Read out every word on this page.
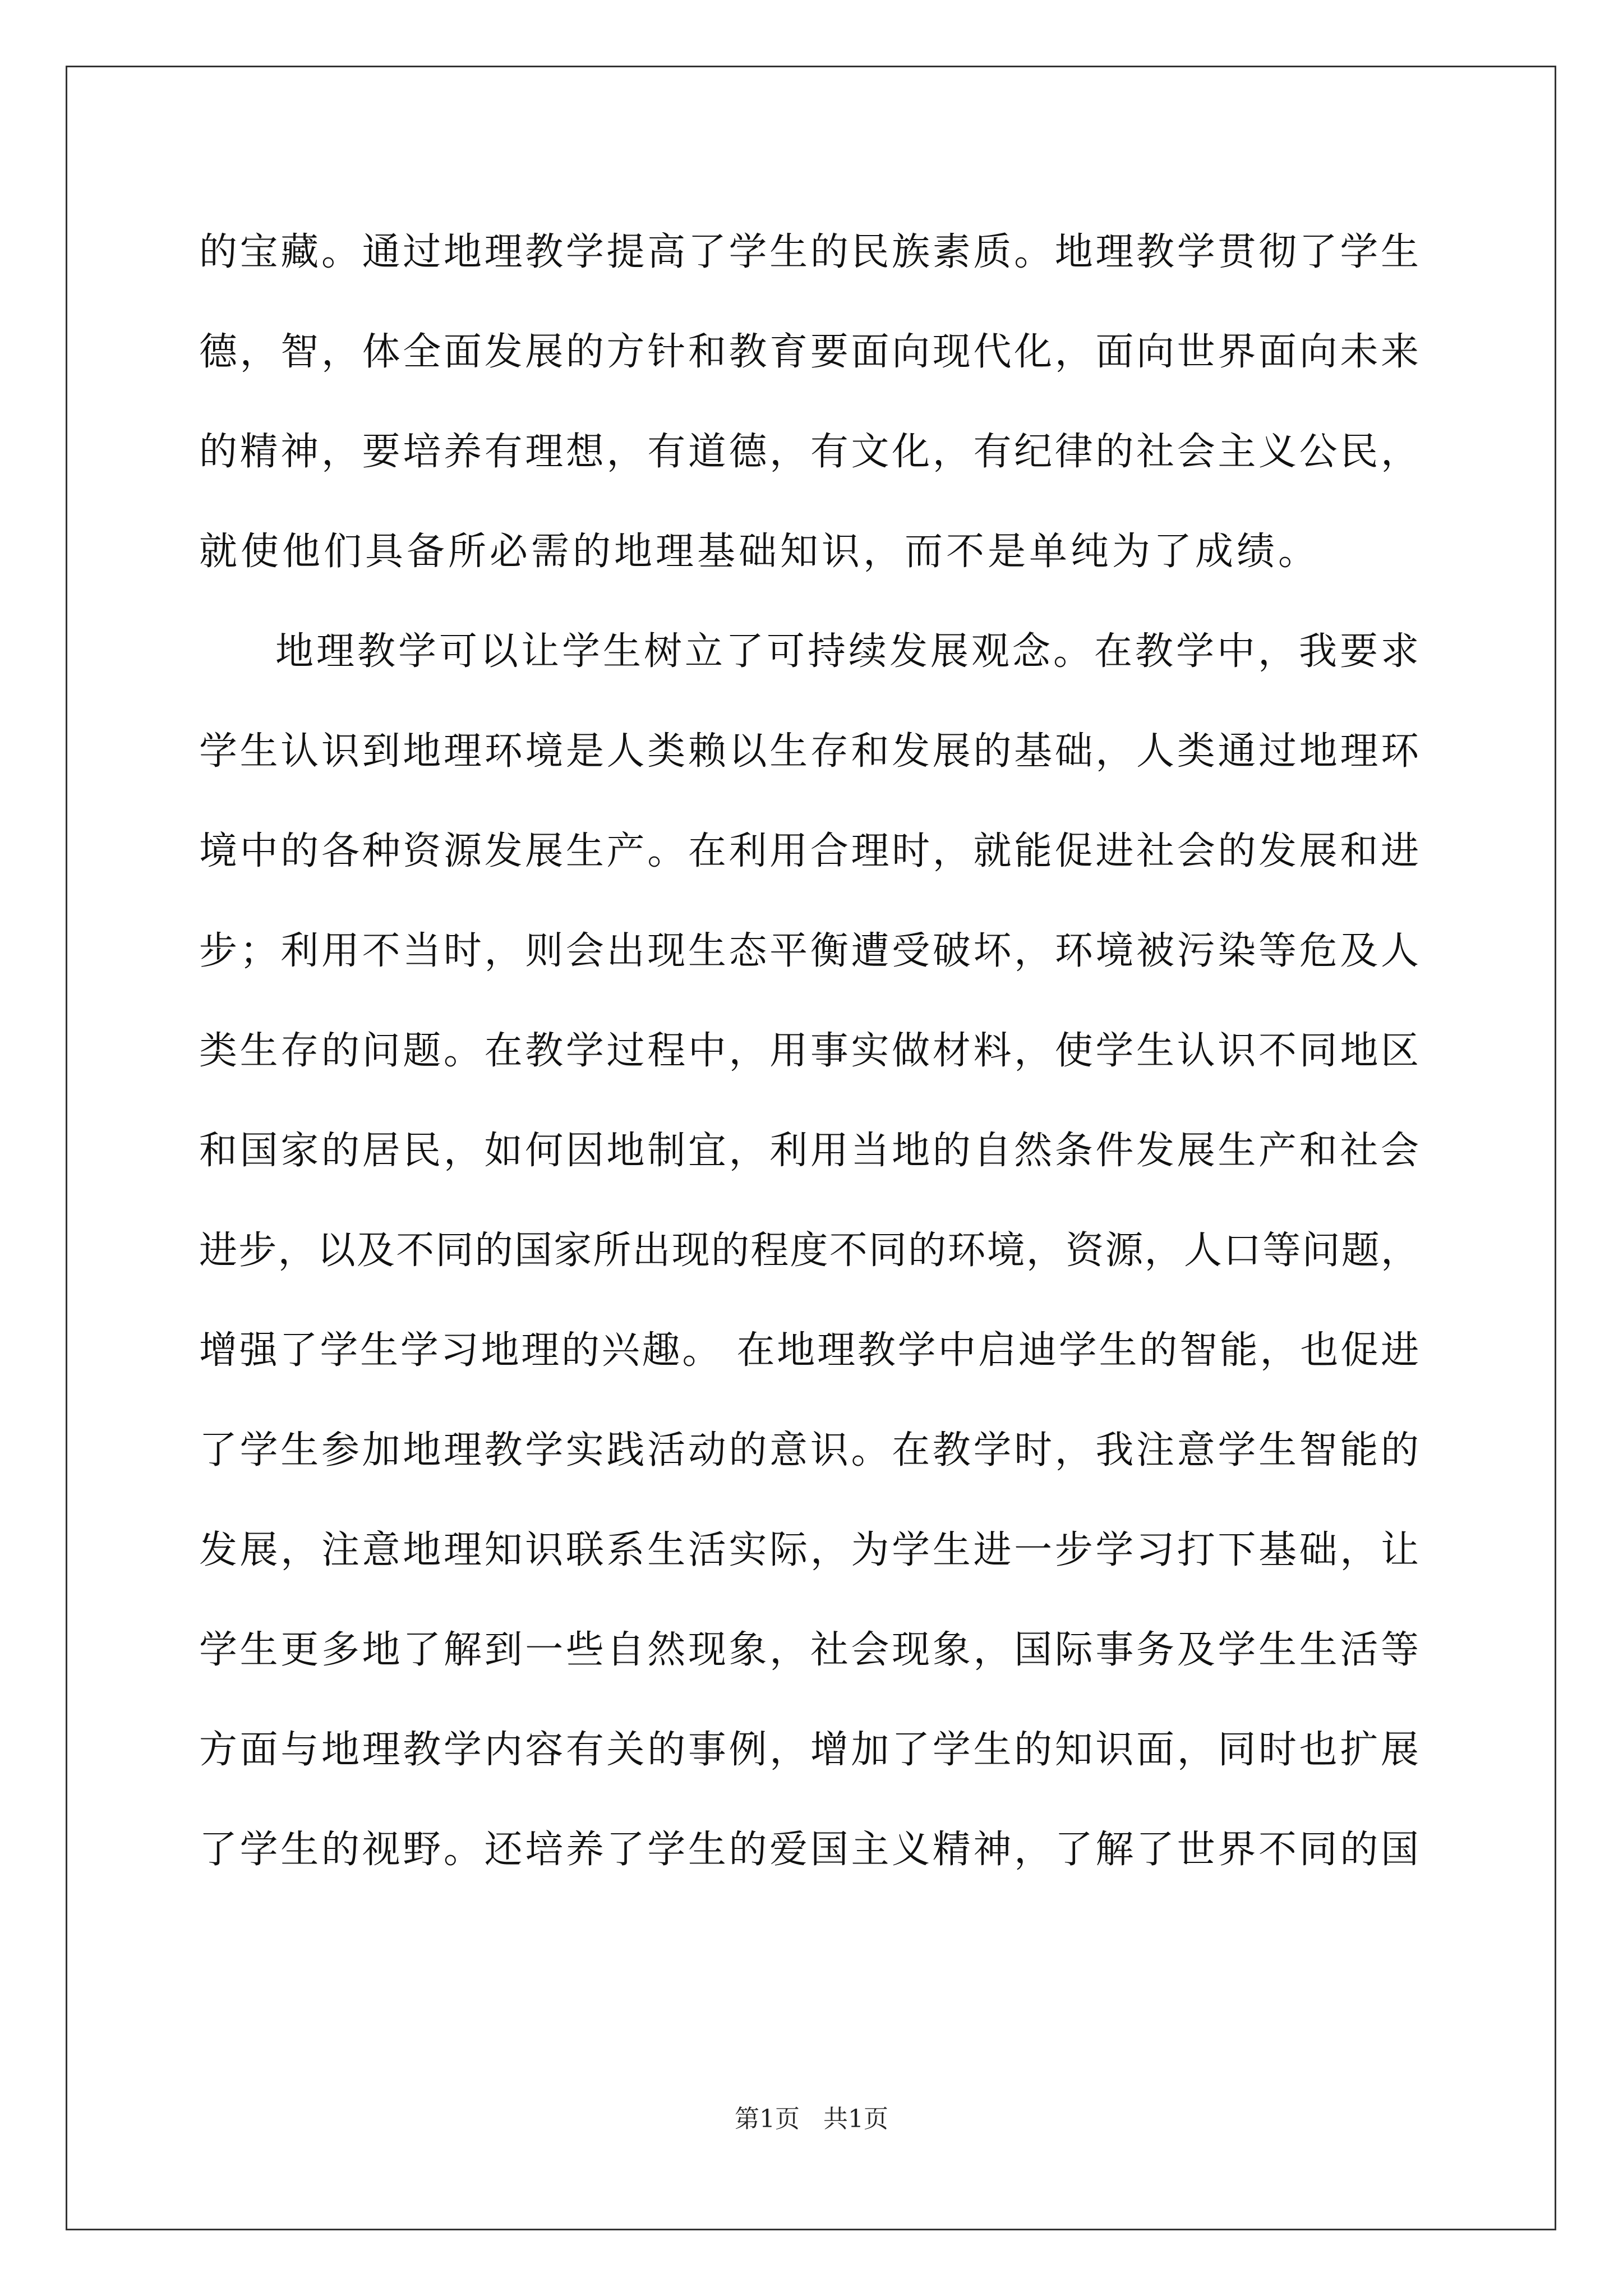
的宝藏。通过地理教学提高了学生的民族素质。地理教学贯彻了学生
德，智，体全面发展的方针和教育要面向现代化，面向世界面向未来
的精神，要培养有理想，有道德，有文化，有纪律的社会主义公民，
就使他们具备所必需的地理基础知识，而不是单纯为了成绩。
地理教学可以让学生树立了可持续发展观念。在教学中，我要求
学生认识到地理环境是人类赖以生存和发展的基础，人类通过地理环
境中的各种资源发展生产。在利用合理时，就能促进社会的发展和进
步；利用不当时，则会出现生态平衡遭受破坏，环境被污染等危及人
类生存的问题。在教学过程中，用事实做材料，使学生认识不同地区
和国家的居民，如何因地制宜，利用当地的自然条件发展生产和社会
进步，以及不同的国家所出现的程度不同的环境，资源，人口等问题，
增强了学生学习地理的兴趣。 在地理教学中启迪学生的智能，也促进
了学生参加地理教学实践活动的意识。在教学时，我注意学生智能的
发展，注意地理知识联系生活实际，为学生进一步学习打下基础，让
学生更多地了解到一些自然现象，社会现象，国际事务及学生生活等
方面与地理教学内容有关的事例，增加了学生的知识面，同时也扩展
了学生的视野。还培养了学生的爱国主义精神，了解了世界不同的国
第1页   共1页
